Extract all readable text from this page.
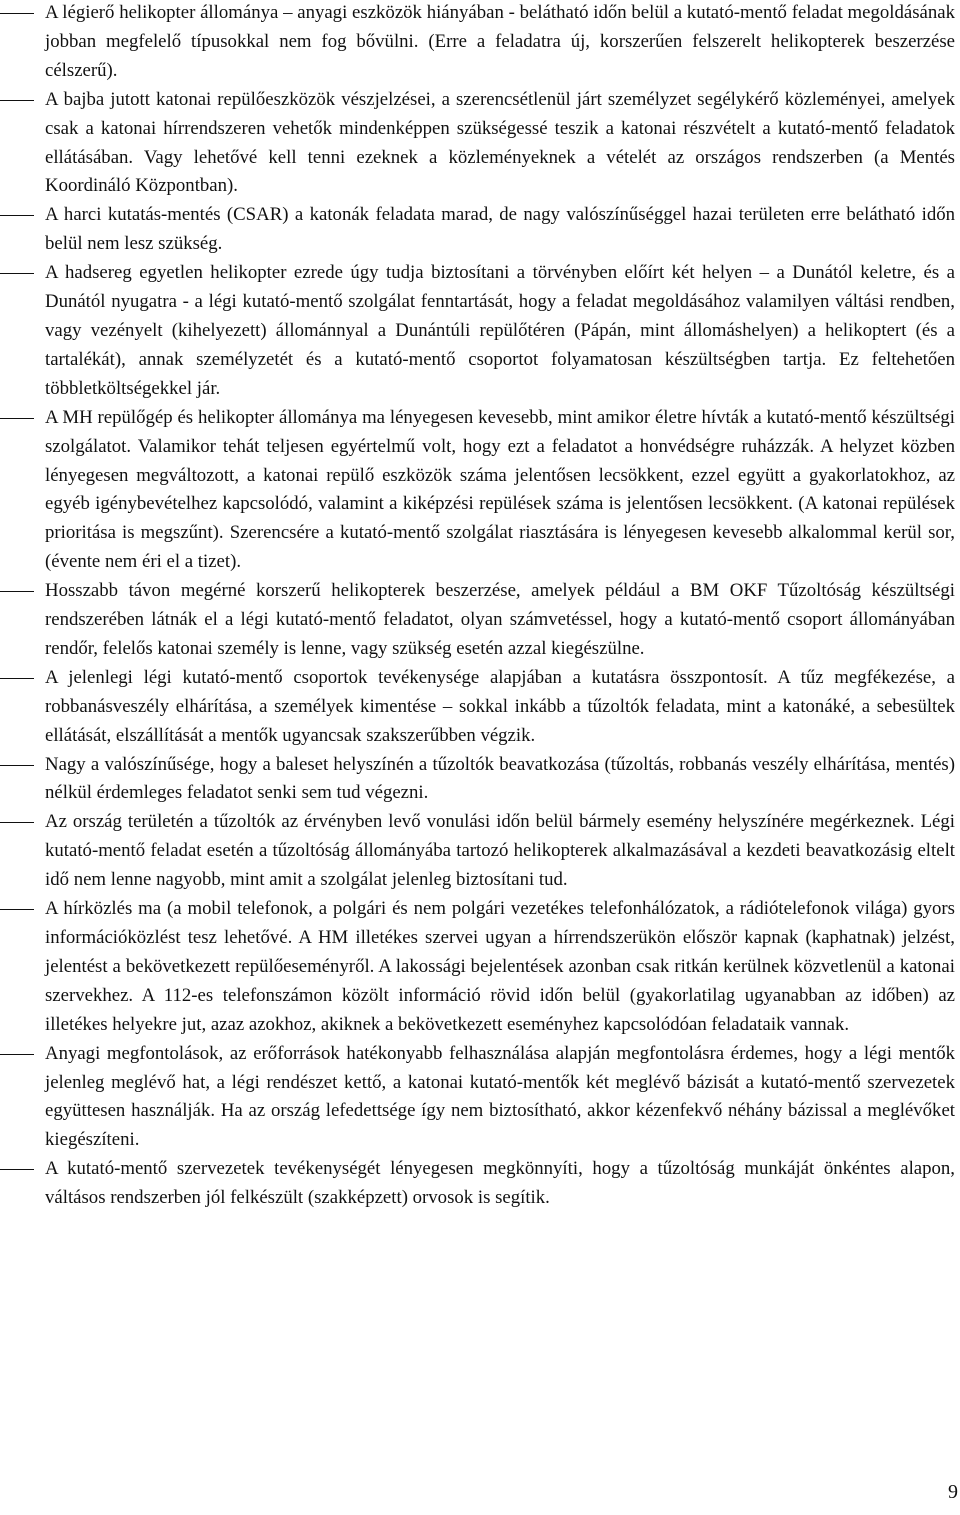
A légierő helikopter állománya – anyagi eszközök hiányában - belátható időn belül a kutató-mentő feladat megoldásának jobban megfelelő típusokkal nem fog bővülni. (Erre a feladatra új, korszerűen felszerelt helikopterek beszerzése célszerű).

A bajba jutott katonai repülőeszközök vészjelzései, a szerencsétlenül járt személyzet segélykérő közleményei, amelyek csak a katonai hírrendszeren vehetők mindenképpen szükségessé teszik a katonai részvételt a kutató-mentő feladatok ellátásában. Vagy lehetővé kell tenni ezeknek a közleményeknek a vételét az országos rendszerben (a Mentés Koordináló Központban).

A harci kutatás-mentés (CSAR) a katonák feladata marad, de nagy valószínűséggel hazai területen erre belátható időn belül nem lesz szükség.

A hadsereg egyetlen helikopter ezrede úgy tudja biztosítani a törvényben előírt két helyen – a Dunától keletre, és a Dunától nyugatra - a légi kutató-mentő szolgálat fenntartását, hogy a feladat megoldásához valamilyen váltási rendben, vagy vezényelt (kihelyezett) állománnyal a Dunántúli repülőtéren (Pápán, mint állomáshelyen) a helikoptert (és a tartalékát), annak személyzetét és a kutató-mentő csoportot folyamatosan készültségben tartja. Ez feltehetően többletköltségekkel jár.

A MH repülőgép és helikopter állománya ma lényegesen kevesebb, mint amikor életre hívták a kutató-mentő készültségi szolgálatot. Valamikor tehát teljesen egyértelmű volt, hogy ezt a feladatot a honvédségre ruházzák. A helyzet közben lényegesen megváltozott, a katonai repülő eszközök száma jelentősen lecsökkent, ezzel együtt a gyakorlatokhoz, az egyéb igénybevételhez kapcsolódó, valamint a kiképzési repülések száma is jelentősen lecsökkent. (A katonai repülések prioritása is megszűnt). Szerencsére a kutató-mentő szolgálat riasztására is lényegesen kevesebb alkalommal kerül sor, (évente nem éri el a tizet).

Hosszabb távon megérné korszerű helikopterek beszerzése, amelyek például a BM OKF Tűzoltóság készültségi rendszerében látnák el a légi kutató-mentő feladatot, olyan számvetéssel, hogy a kutató-mentő csoport állományában rendőr, felelős katonai személy is lenne, vagy szükség esetén azzal kiegészülne.

A jelenlegi légi kutató-mentő csoportok tevékenysége alapjában a kutatásra összpontosít. A tűz megfékezése, a robbanásveszély elhárítása, a személyek kimentése – sokkal inkább a tűzoltók feladata, mint a katonáké, a sebesültek ellátását, elszállítását a mentők ugyancsak szakszerűbben végzik.

Nagy a valószínűsége, hogy a baleset helyszínén a tűzoltók beavatkozása (tűzoltás, robbanás veszély elhárítása, mentés) nélkül érdemleges feladatot senki sem tud végezni.

Az ország területén a tűzoltók az érvényben levő vonulási időn belül bármely esemény helyszínére megérkeznek. Légi kutató-mentő feladat esetén a tűzoltóság állományába tartozó helikopterek alkalmazásával a kezdeti beavatkozásig eltelt idő nem lenne nagyobb, mint amit a szolgálat jelenleg biztosítani tud.

A hírközlés ma (a mobil telefonok, a polgári és nem polgári vezetékes telefonhálózatok, a rádiótelefonok világa) gyors információközlést tesz lehetővé. A HM illetékes szervei ugyan a hírrendszerükön először kapnak (kaphatnak) jelzést, jelentést a bekövetkezett repülőeseményről. A lakossági bejelentések azonban csak ritkán kerülnek közvetlenül a katonai szervekhez. A 112-es telefonszámon közölt információ rövid időn belül (gyakorlatilag ugyanabban az időben) az illetékes helyekre jut, azaz azokhoz, akiknek a bekövetkezett eseményhez kapcsolódóan feladataik vannak.

Anyagi megfontolások, az erőforrások hatékonyabb felhasználása alapján megfontolásra érdemes, hogy a légi mentők jelenleg meglévő hat, a légi rendészet kettő, a katonai kutató-mentők két meglévő bázisát a kutató-mentő szervezetek együttesen használják. Ha az ország lefedettsége így nem biztosítható, akkor kézenfekvő néhány bázissal a meglévőket kiegészíteni.

A kutató-mentő szervezetek tevékenységét lényegesen megkönnyíti, hogy a tűzoltóság munkáját önkéntes alapon, váltásos rendszerben jól felkészült (szakképzett) orvosok is segítik.

9
